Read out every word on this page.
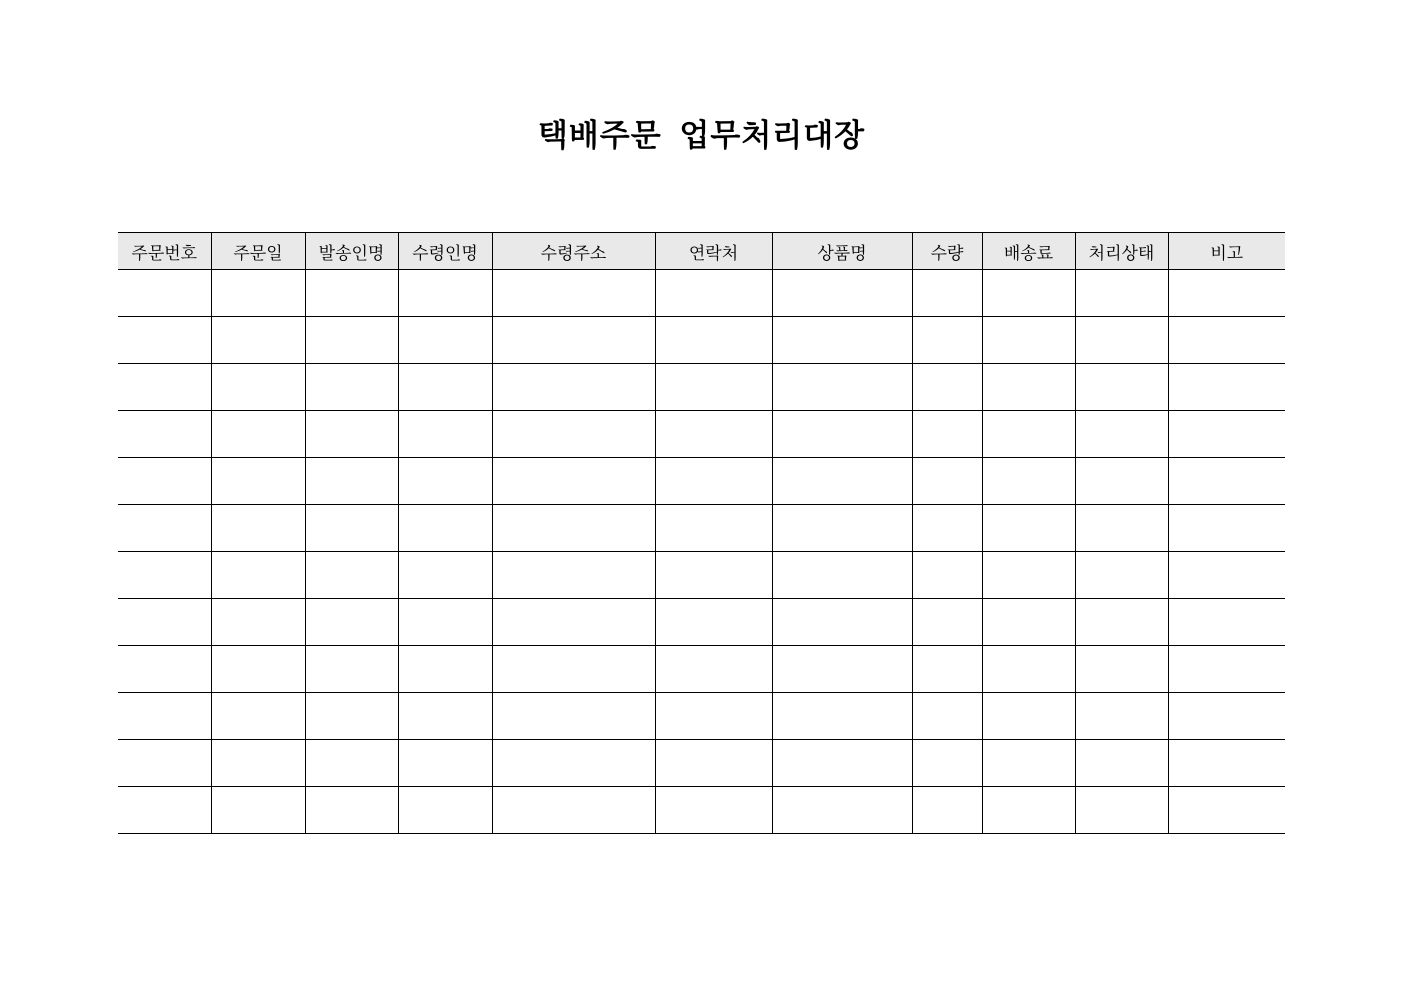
택배주문 업무처리대장
주문번호	주문일	발송인명	수령인명	수령주소	연락처	상품명	수량	배송료	처리상태	비고
